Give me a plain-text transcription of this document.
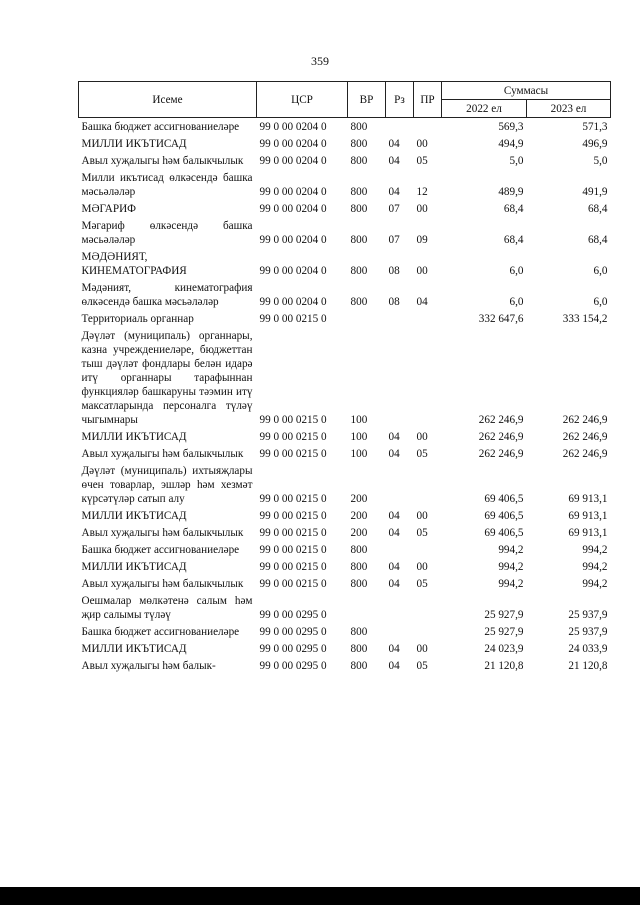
359
Исеме	ЦСР	ВР	Рз	ПР	Суммасы	
					2022 ел	2023 ел
Башка бюджет ассигнованиеләре	99 0 00 0204 0	800			569,3	571,3
МИЛЛИ ИКЪТИСАД	99 0 00 0204 0	800	04	00	494,9	496,9
Авыл хуҗалыгы һәм балыкчылык	99 0 00 0204 0	800	04	05	5,0	5,0
Милли икътисад өлкәсендә башка мәсьәләләр	99 0 00 0204 0	800	04	12	489,9	491,9
МӘГАРИФ	99 0 00 0204 0	800	07	00	68,4	68,4
Мәгариф өлкәсендә башка мәсьәләләр	99 0 00 0204 0	800	07	09	68,4	68,4
МӘДӘНИЯТ, КИНЕМАТОГРАФИЯ	99 0 00 0204 0	800	08	00	6,0	6,0
Мәдәният, кинематография өлкәсендә башка мәсьәләләр	99 0 00 0204 0	800	08	04	6,0	6,0
Территориаль органнар	99 0 00 0215 0				332 647,6	333 154,2
Дәүләт (муниципаль) органнары, казна учреждениеләре, бюджеттан тыш дәүләт фондлары белән идарә итү органнары тарафыннан функцияләр башкаруны тәэмин итү максатларында персоналга түләү чыгымнары	99 0 00 0215 0	100			262 246,9	262 246,9
МИЛЛИ ИКЪТИСАД	99 0 00 0215 0	100	04	00	262 246,9	262 246,9
Авыл хуҗалыгы һәм балыкчылык	99 0 00 0215 0	100	04	05	262 246,9	262 246,9
Дәүләт (муниципаль) ихтыяҗлары өчен товарлар, эшләр һәм хезмәт күрсәтүләр сатып алу	99 0 00 0215 0	200			69 406,5	69 913,1
МИЛЛИ ИКЪТИСАД	99 0 00 0215 0	200	04	00	69 406,5	69 913,1
Авыл хуҗалыгы һәм балыкчылык	99 0 00 0215 0	200	04	05	69 406,5	69 913,1
Башка бюджет ассигнованиеләре	99 0 00 0215 0	800			994,2	994,2
МИЛЛИ ИКЪТИСАД	99 0 00 0215 0	800	04	00	994,2	994,2
Авыл хуҗалыгы һәм балыкчылык	99 0 00 0215 0	800	04	05	994,2	994,2
Оешмалар мөлкәтенә салым һәм җир салымы түләү	99 0 00 0295 0				25 927,9	25 937,9
Башка бюджет ассигнованиеләре	99 0 00 0295 0	800			25 927,9	25 937,9
МИЛЛИ ИКЪТИСАД	99 0 00 0295 0	800	04	00	24 023,9	24 033,9
Авыл хуҗалыгы һәм балык-	99 0 00 0295 0	800	04	05	21 120,8	21 120,8
